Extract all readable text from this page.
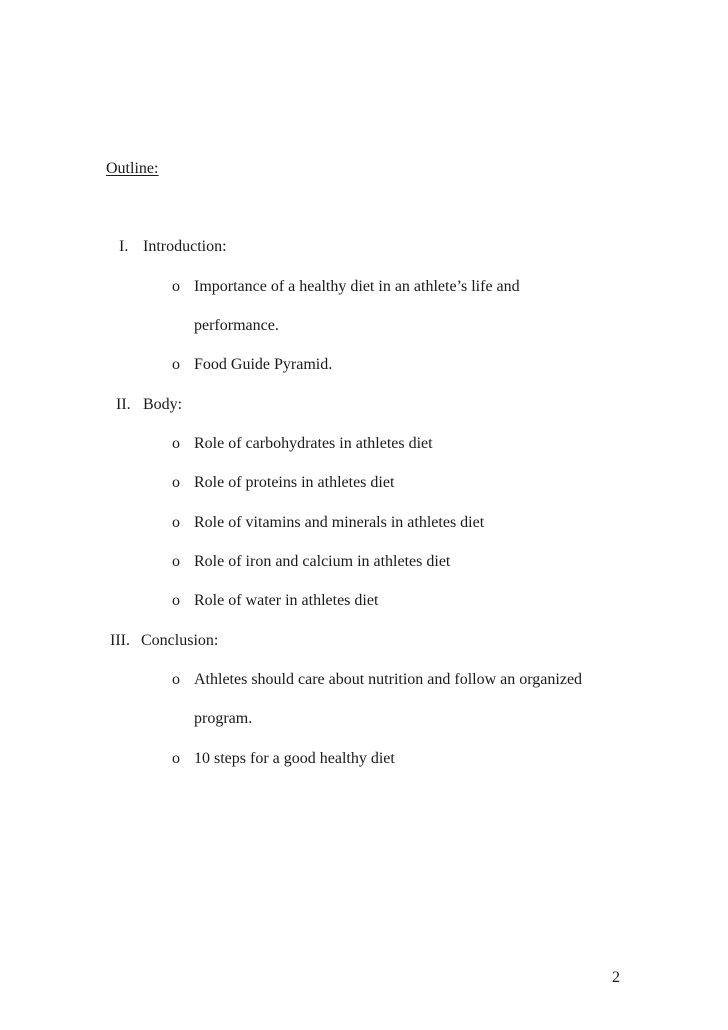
Outline:
I. Introduction:
o Importance of a healthy diet in an athlete’s life and
performance.
o Food Guide Pyramid.
II. Body:
o Role of carbohydrates in athletes diet
o Role of proteins in athletes diet
o Role of vitamins and minerals in athletes diet
o Role of iron and calcium in athletes diet
o Role of water in athletes diet
III. Conclusion:
o Athletes should care about nutrition and follow an organized
program.
o 10 steps for a good healthy diet
2
